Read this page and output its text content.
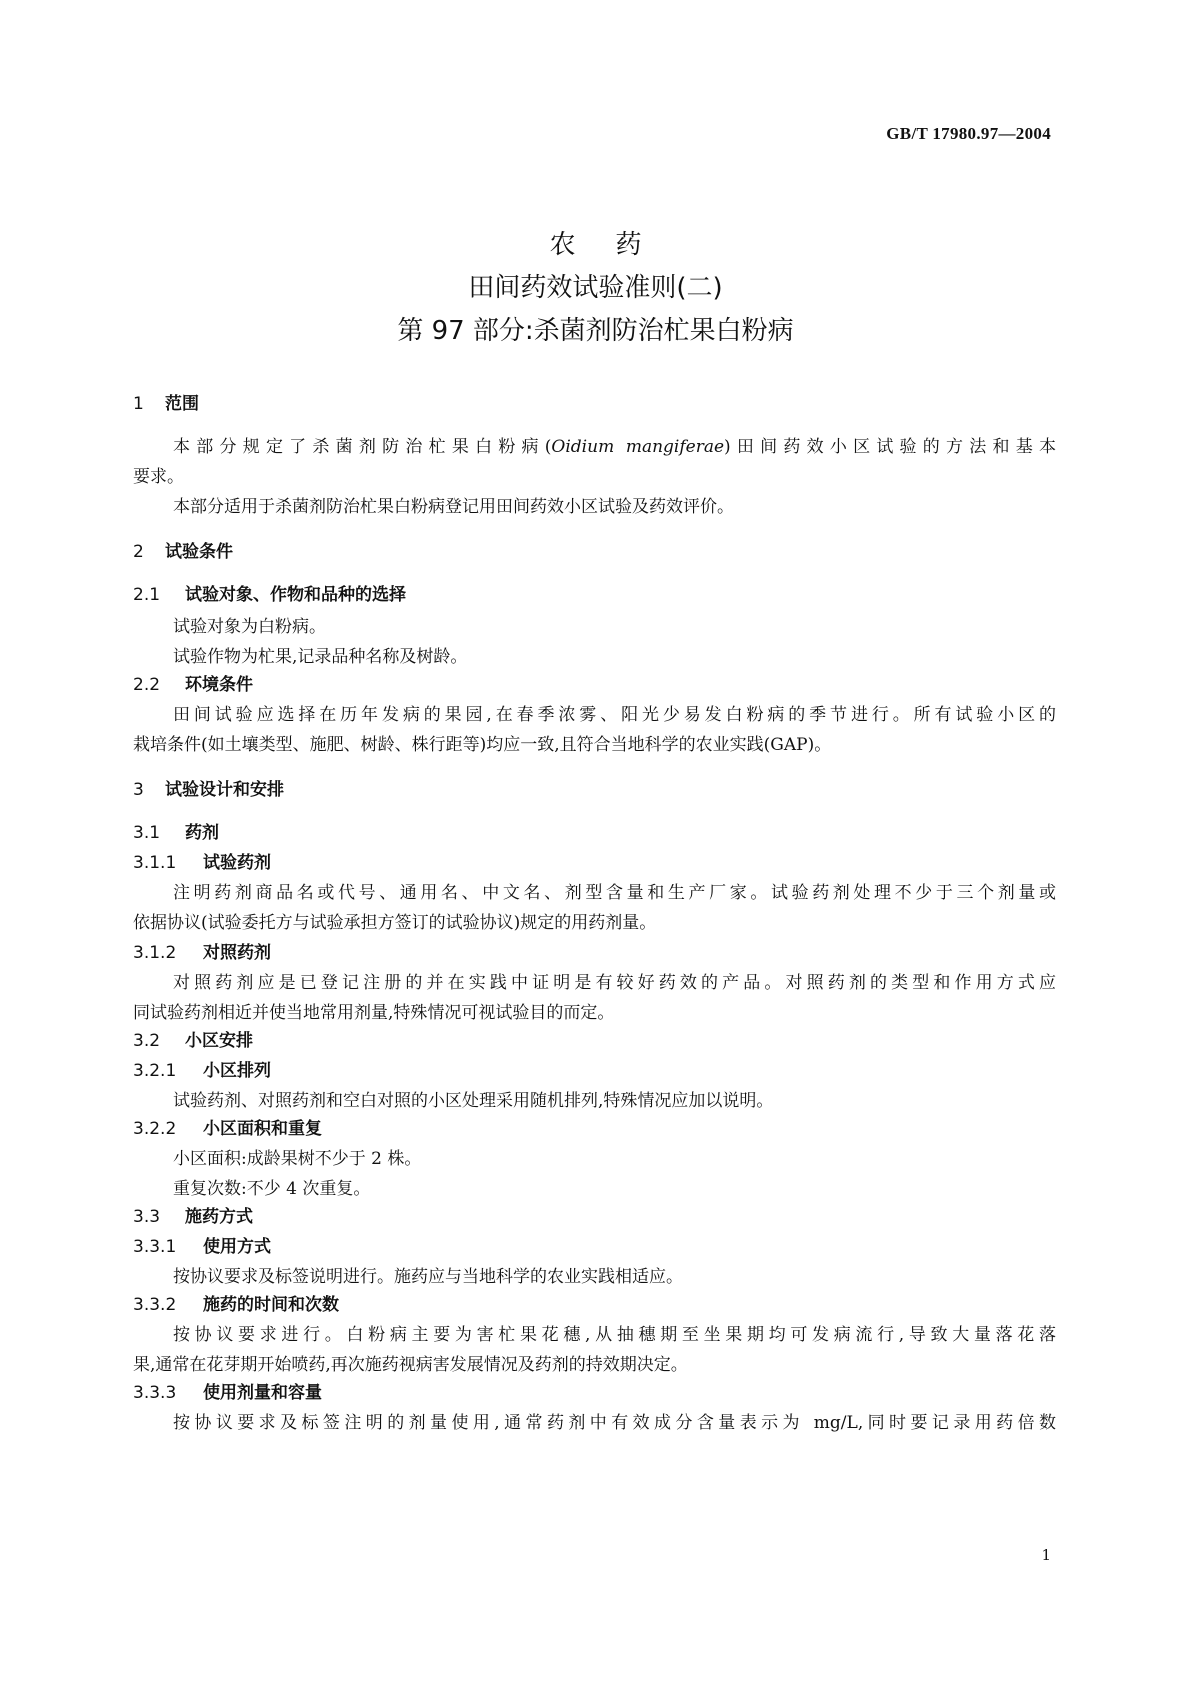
GB/T 17980.97—2004
农药
田间药效试验准则(二)
第 97 部分:杀菌剂防治杧果白粉病
1 范围
本部分规定了杀菌剂防治杧果白粉病(Oidium mangiferae)田间药效小区试验的方法和基本
要求。
本部分适用于杀菌剂防治杧果白粉病登记用田间药效小区试验及药效评价。
2 试验条件
2.1 试验对象、作物和品种的选择
试验对象为白粉病。
试验作物为杧果,记录品种名称及树龄。
2.2 环境条件
田间试验应选择在历年发病的果园,在春季浓雾、阳光少易发白粉病的季节进行。所有试验小区的
栽培条件(如土壤类型、施肥、树龄、株行距等)均应一致,且符合当地科学的农业实践(GAP)。
3 试验设计和安排
3.1 药剂
3.1.1 试验药剂
注明药剂商品名或代号、通用名、中文名、剂型含量和生产厂家。试验药剂处理不少于三个剂量或
依据协议(试验委托方与试验承担方签订的试验协议)规定的用药剂量。
3.1.2 对照药剂
对照药剂应是已登记注册的并在实践中证明是有较好药效的产品。对照药剂的类型和作用方式应
同试验药剂相近并使当地常用剂量,特殊情况可视试验目的而定。
3.2 小区安排
3.2.1 小区排列
试验药剂、对照药剂和空白对照的小区处理采用随机排列,特殊情况应加以说明。
3.2.2 小区面积和重复
小区面积:成龄果树不少于 2 株。
重复次数:不少 4 次重复。
3.3 施药方式
3.3.1 使用方式
按协议要求及标签说明进行。施药应与当地科学的农业实践相适应。
3.3.2 施药的时间和次数
按协议要求进行。白粉病主要为害杧果花穗,从抽穗期至坐果期均可发病流行,导致大量落花落
果,通常在花芽期开始喷药,再次施药视病害发展情况及药剂的持效期决定。
3.3.3 使用剂量和容量
按协议要求及标签注明的剂量使用,通常药剂中有效成分含量表示为 mg/L,同时要记录用药倍数
1
